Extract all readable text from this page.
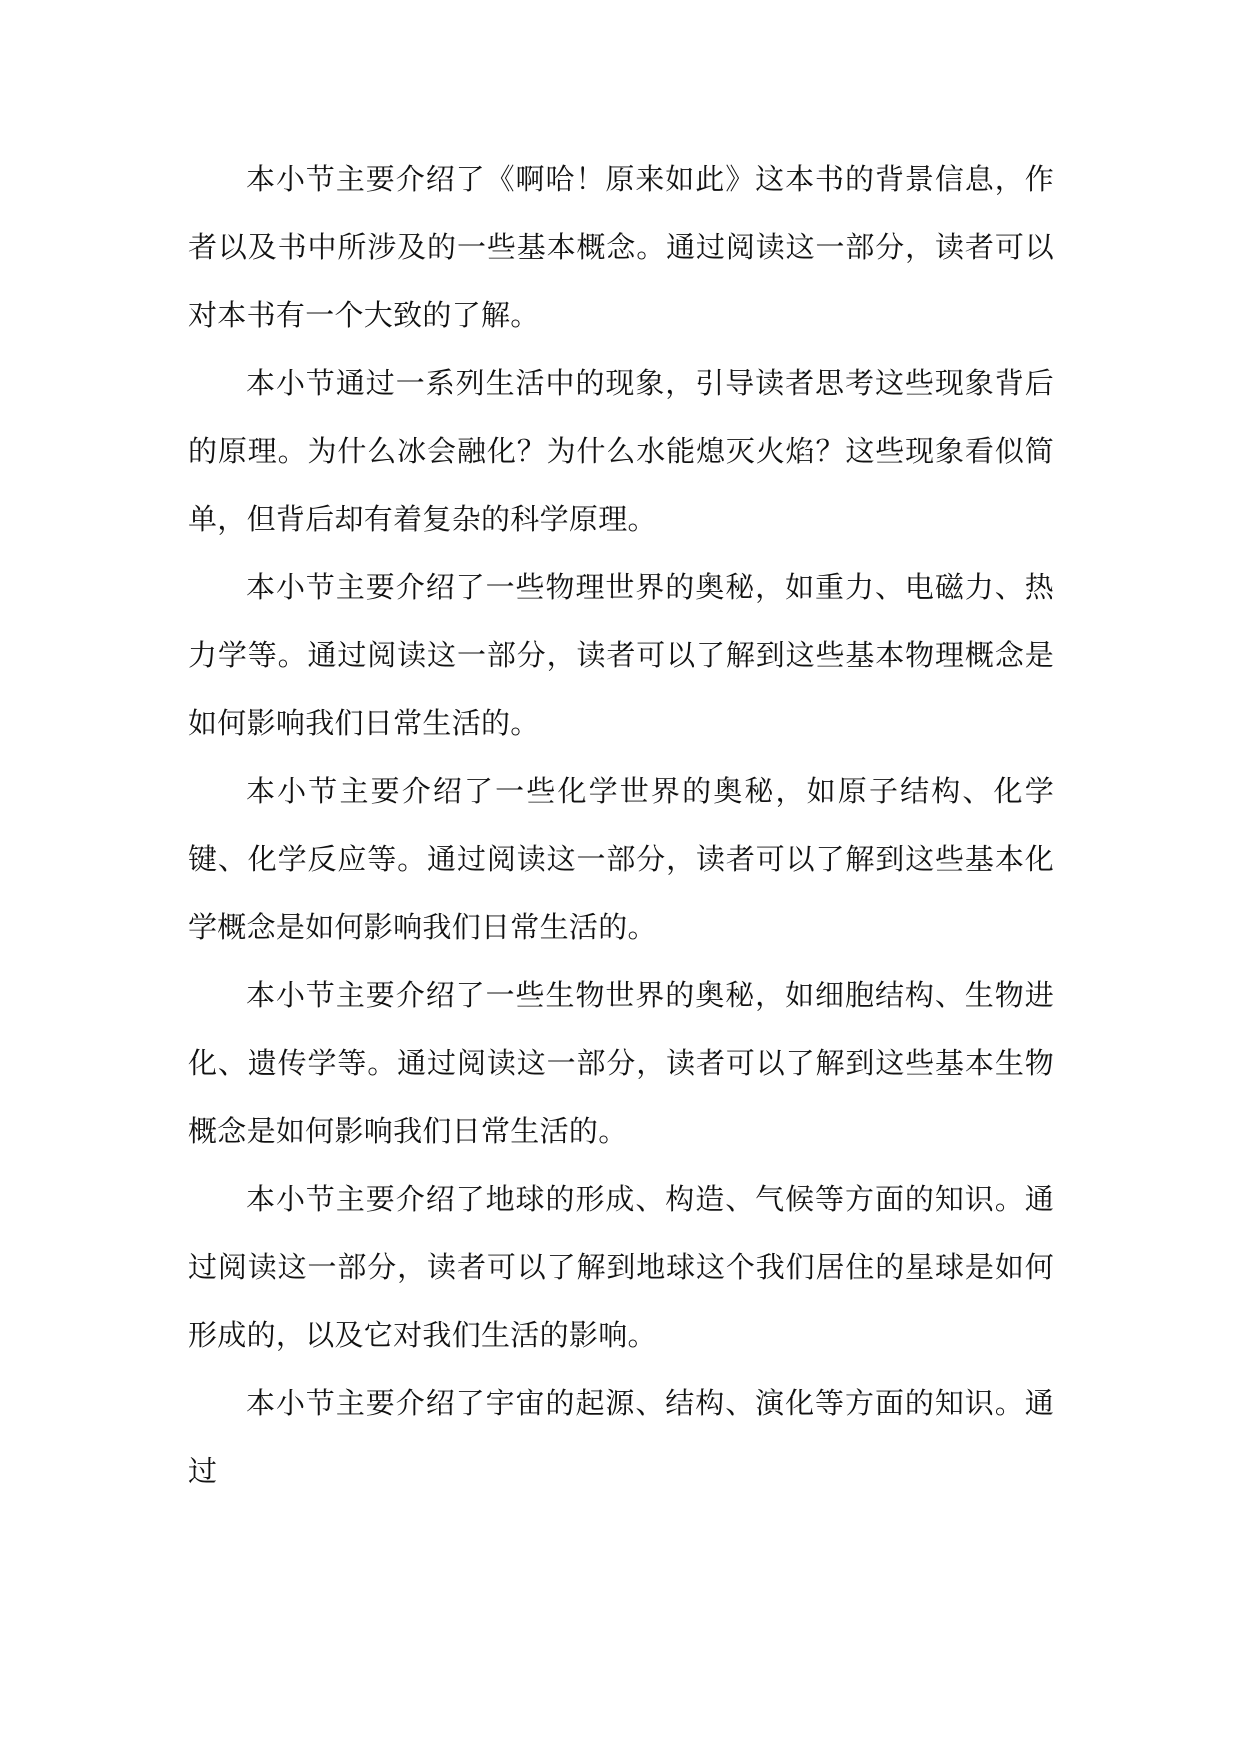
本小节主要介绍了《啊哈！原来如此》这本书的背景信息，作者以及书中所涉及的一些基本概念。通过阅读这一部分，读者可以对本书有一个大致的了解。

本小节通过一系列生活中的现象，引导读者思考这些现象背后的原理。为什么冰会融化？为什么水能熄灭火焰？这些现象看似简单，但背后却有着复杂的科学原理。

本小节主要介绍了一些物理世界的奥秘，如重力、电磁力、热力学等。通过阅读这一部分，读者可以了解到这些基本物理概念是如何影响我们日常生活的。

本小节主要介绍了一些化学世界的奥秘，如原子结构、化学键、化学反应等。通过阅读这一部分，读者可以了解到这些基本化学概念是如何影响我们日常生活的。

本小节主要介绍了一些生物世界的奥秘，如细胞结构、生物进化、遗传学等。通过阅读这一部分，读者可以了解到这些基本生物概念是如何影响我们日常生活的。

本小节主要介绍了地球的形成、构造、气候等方面的知识。通过阅读这一部分，读者可以了解到地球这个我们居住的星球是如何形成的，以及它对我们生活的影响。

本小节主要介绍了宇宙的起源、结构、演化等方面的知识。通过
